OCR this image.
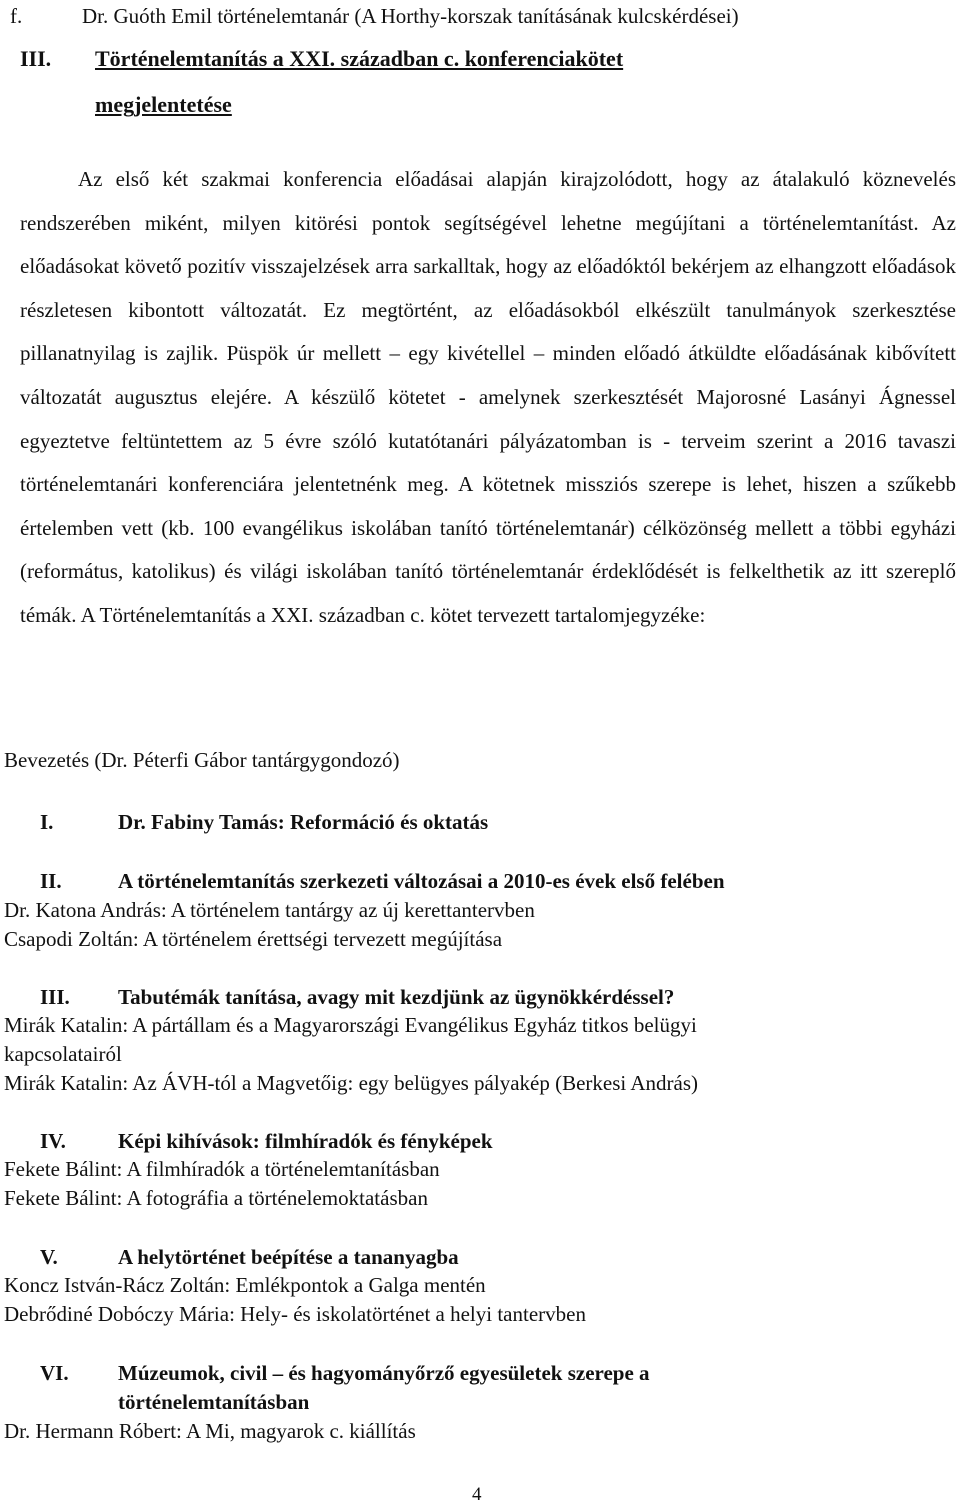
f.	Dr. Guóth Emil történelemtanár (A Horthy-korszak tanításának kulcskérdései)
III. Történelemtanítás a XXI. században c. konferenciakötet
megjelentetése
Az első két szakmai konferencia előadásai alapján kirajzolódott, hogy az átalakuló köznevelés rendszerében miként, milyen kitörési pontok segítségével lehetne megújítani a történelemtanítást. Az előadásokat követő pozitív visszajelzések arra sarkalltak, hogy az előadóktól bekérjem az elhangzott előadások részletesen kibontott változatát. Ez megtörtént, az előadásokból elkészült tanulmányok szerkesztése pillanatnyilag is zajlik. Püspök úr mellett – egy kivétellel – minden előadó átküldte előadásának kibővített változatát augusztus elejére. A készülő kötetet - amelynek szerkesztését Majorosné Lasányi Ágnessel egyeztetve feltüntettem az 5 évre szóló kutatótanári pályázatomban is - terveim szerint a 2016 tavaszi történelemtanári konferenciára jelentetnénk meg. A kötetnek missziós szerepe is lehet, hiszen a szűkebb értelemben vett (kb. 100 evangélikus iskolában tanító történelemtanár) célközönség mellett a többi egyházi (református, katolikus) és világi iskolában tanító történelemtanár érdeklődését is felkelthetik az itt szereplő témák. A Történelemtanítás a XXI. században c. kötet tervezett tartalomjegyzéke:
Bevezetés (Dr. Péterfi Gábor tantárgygondozó)
I.	Dr. Fabiny Tamás: Reformáció és oktatás
II.	A történelemtanítás szerkezeti változásai a 2010-es évek első felében
Dr. Katona András: A történelem tantárgy az új kerettantervben
Csapodi Zoltán: A történelem érettségi tervezett megújítása
III.	Tabutémák tanítása, avagy mit kezdjünk az ügynökkérdéssel?
Mirák Katalin: A pártállam és a Magyarországi Evangélikus Egyház titkos belügyi
kapcsolatairól
Mirák Katalin: Az ÁVH-tól a Magvetőig: egy belügyes pályakép (Berkesi András)
IV.	Képi kihívások: filmhíradók és fényképek
Fekete Bálint: A filmhíradók a történelemtanításban
Fekete Bálint: A fotográfia a történelemoktatásban
V.	A helytörténet beépítése a tananyagba
Koncz István-Rácz Zoltán: Emlékpontok a Galga mentén
Debrődiné Dobóczy Mária: Hely- és iskolatörténet a helyi tantervben
VI.	Múzeumok, civil – és hagyományőrző egyesületek szerepe a
történelemtanításban
Dr. Hermann Róbert: A Mi, magyarok c. kiállítás
4
